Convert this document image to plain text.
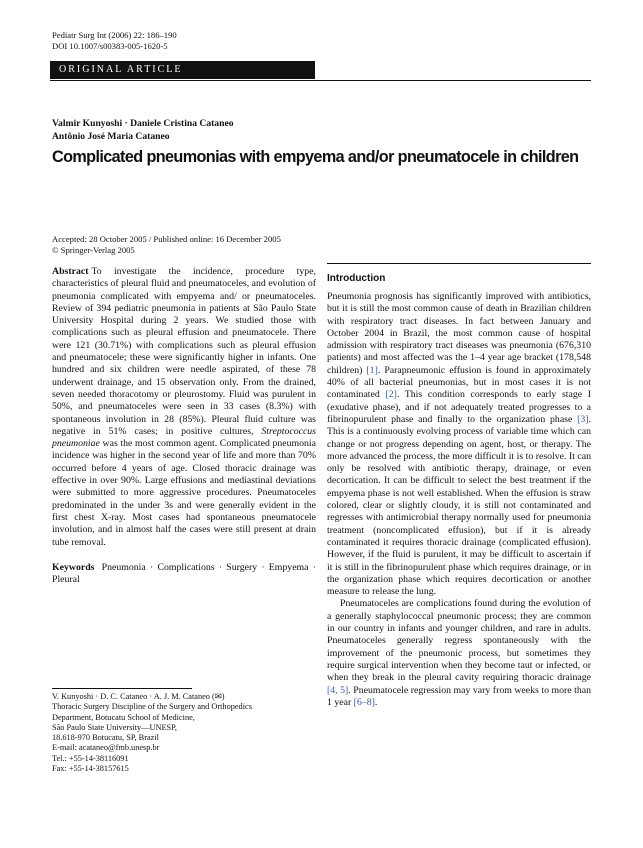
Pediatr Surg Int (2006) 22: 186–190
DOI 10.1007/s00383-005-1620-5
ORIGINAL ARTICLE
Valmir Kunyoshi · Daniele Cristina Cataneo
Antônio José Maria Cataneo
Complicated pneumonias with empyema and/or pneumatocele in children
Accepted: 28 October 2005 / Published online: 16 December 2005
© Springer-Verlag 2005

Abstract To investigate the incidence, procedure type, characteristics of pleural fluid and pneumatoceles, and evolution of pneumonia complicated with empyema and/ or pneumatoceles. Review of 394 pediatric pneumonia in patients at São Paulo State University Hospital during 2 years. We studied those with complications such as pleural effusion and pneumatocele. There were 121 (30.71%) with complications such as pleural effusion and pneumatocele; these were significantly higher in infants. One hundred and six children were needle aspirated, of these 78 underwent drainage, and 15 observation only. From the drained, seven needed thoracotomy or pleurostomy. Fluid was purulent in 50%, and pneumatoceles were seen in 33 cases (8.3%) with spontaneous involution in 28 (85%). Pleural fluid culture was negative in 51% cases; in positive cultures, Streptococcus pneumoniae was the most common agent. Complicated pneumonia incidence was higher in the second year of life and more than 70% occurred before 4 years of age. Closed thoracic drainage was effective in over 90%. Large effusions and mediastinal deviations were submitted to more aggressive procedures. Pneumatoceles predominated in the under 3s and were generally evident in the first chest X-ray. Most cases had spontaneous pneumatocele involution, and in almost half the cases were still present at drain tube removal.

Keywords Pneumonia · Complications · Surgery · Empyema · Pleural

V. Kunyoshi · D. C. Cataneo · A. J. M. Cataneo (✉)
Thoracic Surgery Discipline of the Surgery and Orthopedics
Department, Botucatu School of Medicine,
São Paulo State University—UNESP,
18.618-970 Botucatu, SP, Brazil
E-mail: acataneo@fmb.unesp.br
Tel.: +55-14-38116091
Fax: +55-14-38157615
Introduction

Pneumonia prognosis has significantly improved with antibiotics, but it is still the most common cause of death in Brazilian children with respiratory tract diseases. In fact between January and October 2004 in Brazil, the most common cause of hospital admission with respiratory tract diseases was pneumonia (676,310 patients) and most affected was the 1–4 year age bracket (178,548 children) [1]. Parapneumonic effusion is found in approximately 40% of all bacterial pneumonias, but in most cases it is not contaminated [2]. This condition corresponds to early stage I (exudative phase), and if not adequately treated progresses to a fibrinopurulent phase and finally to the organization phase [3]. This is a continuously evolving process of variable time which can change or not progress depending on agent, host, or therapy. The more advanced the process, the more difficult it is to resolve. It can only be resolved with antibiotic therapy, drainage, or even decortication. It can be difficult to select the best treatment if the empyema phase is not well established. When the effusion is straw colored, clear or slightly cloudy, it is still not contaminated and regresses with antimicrobial therapy normally used for pneumonia treatment (noncomplicated effusion), but if it is already contaminated it requires thoracic drainage (complicated effusion). However, if the fluid is purulent, it may be difficult to ascertain if it is still in the fibrinopurulent phase which requires drainage, or in the organization phase which requires decortication or another measure to release the lung.

Pneumatoceles are complications found during the evolution of a generally staphylococcal pneumonic process; they are common in our country in infants and younger children, and rare in adults. Pneumatoceles generally regress spontaneously with the improvement of the pneumonic process, but sometimes they require surgical intervention when they become taut or infected, or when they break in the pleural cavity requiring thoracic drainage [4, 5]. Pneumatocele regression may vary from weeks to more than 1 year [6–8].
